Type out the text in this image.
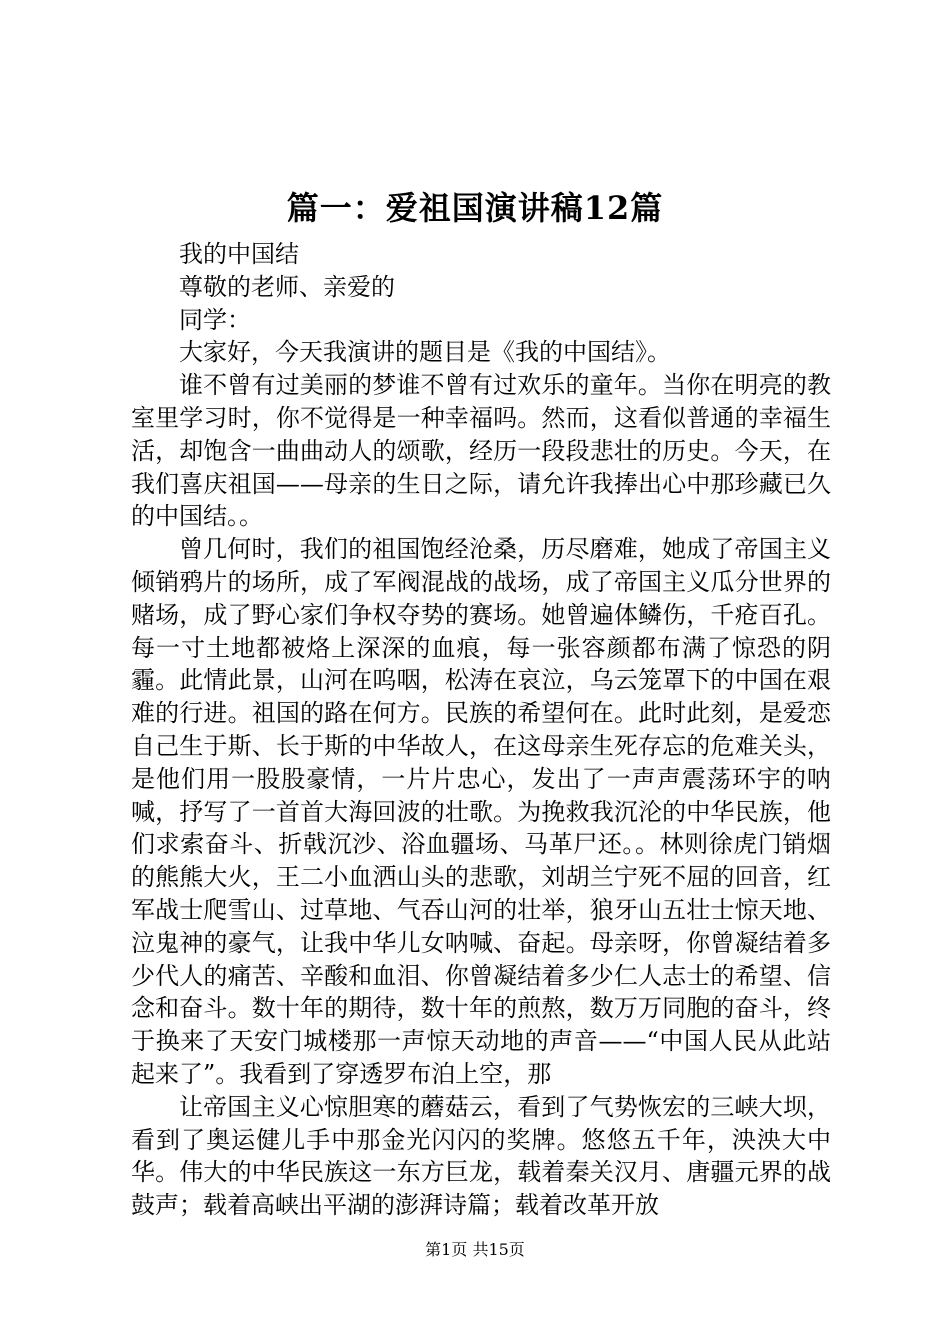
篇一：爱祖国演讲稿12篇

我的中国结

尊敬的老师、亲爱的

同学：

大家好，今天我演讲的题目是《我的中国结》。

谁不曾有过美丽的梦谁不曾有过欢乐的童年。当你在明亮的教室里学习时，你不觉得是一种幸福吗。然而，这看似普通的幸福生活，却饱含一曲曲动人的颂歌，经历一段段悲壮的历史。今天，在我们喜庆祖国——母亲的生日之际，请允许我捧出心中那珍藏已久的中国结。。

曾几何时，我们的祖国饱经沧桑，历尽磨难，她成了帝国主义倾销鸦片的场所，成了军阀混战的战场，成了帝国主义瓜分世界的赌场，成了野心家们争权夺势的赛场。她曾遍体鳞伤，千疮百孔。每一寸土地都被烙上深深的血痕，每一张容颜都布满了惊恐的阴霾。此情此景，山河在呜咽，松涛在哀泣，乌云笼罩下的中国在艰难的行进。祖国的路在何方。民族的希望何在。此时此刻，是爱恋自己生于斯、长于斯的中华故人，在这母亲生死存忘的危难关头，是他们用一股股豪情，一片片忠心，发出了一声声震荡环宇的呐喊，抒写了一首首大海回波的壮歌。为挽救我沉沦的中华民族，他们求索奋斗、折戟沉沙、浴血疆场、马革尸还。。林则徐虎门销烟的熊熊大火，王二小血洒山头的悲歌，刘胡兰宁死不屈的回音，红军战士爬雪山、过草地、气吞山河的壮举，狼牙山五壮士惊天地、泣鬼神的豪气，让我中华儿女呐喊、奋起。母亲呀，你曾凝结着多少代人的痛苦、辛酸和血泪、你曾凝结着多少仁人志士的希望、信念和奋斗。数十年的期待，数十年的煎熬，数万万同胞的奋斗，终于换来了天安门城楼那一声惊天动地的声音——“中国人民从此站起来了”。我看到了穿透罗布泊上空，那

让帝国主义心惊胆寒的蘑菇云，看到了气势恢宏的三峡大坝，看到了奥运健儿手中那金光闪闪的奖牌。悠悠五千年，泱泱大中华。伟大的中华民族这一东方巨龙，载着秦关汉月、唐疆元界的战鼓声；载着高峡出平湖的澎湃诗篇；载着改革开放

第1页 共15页
